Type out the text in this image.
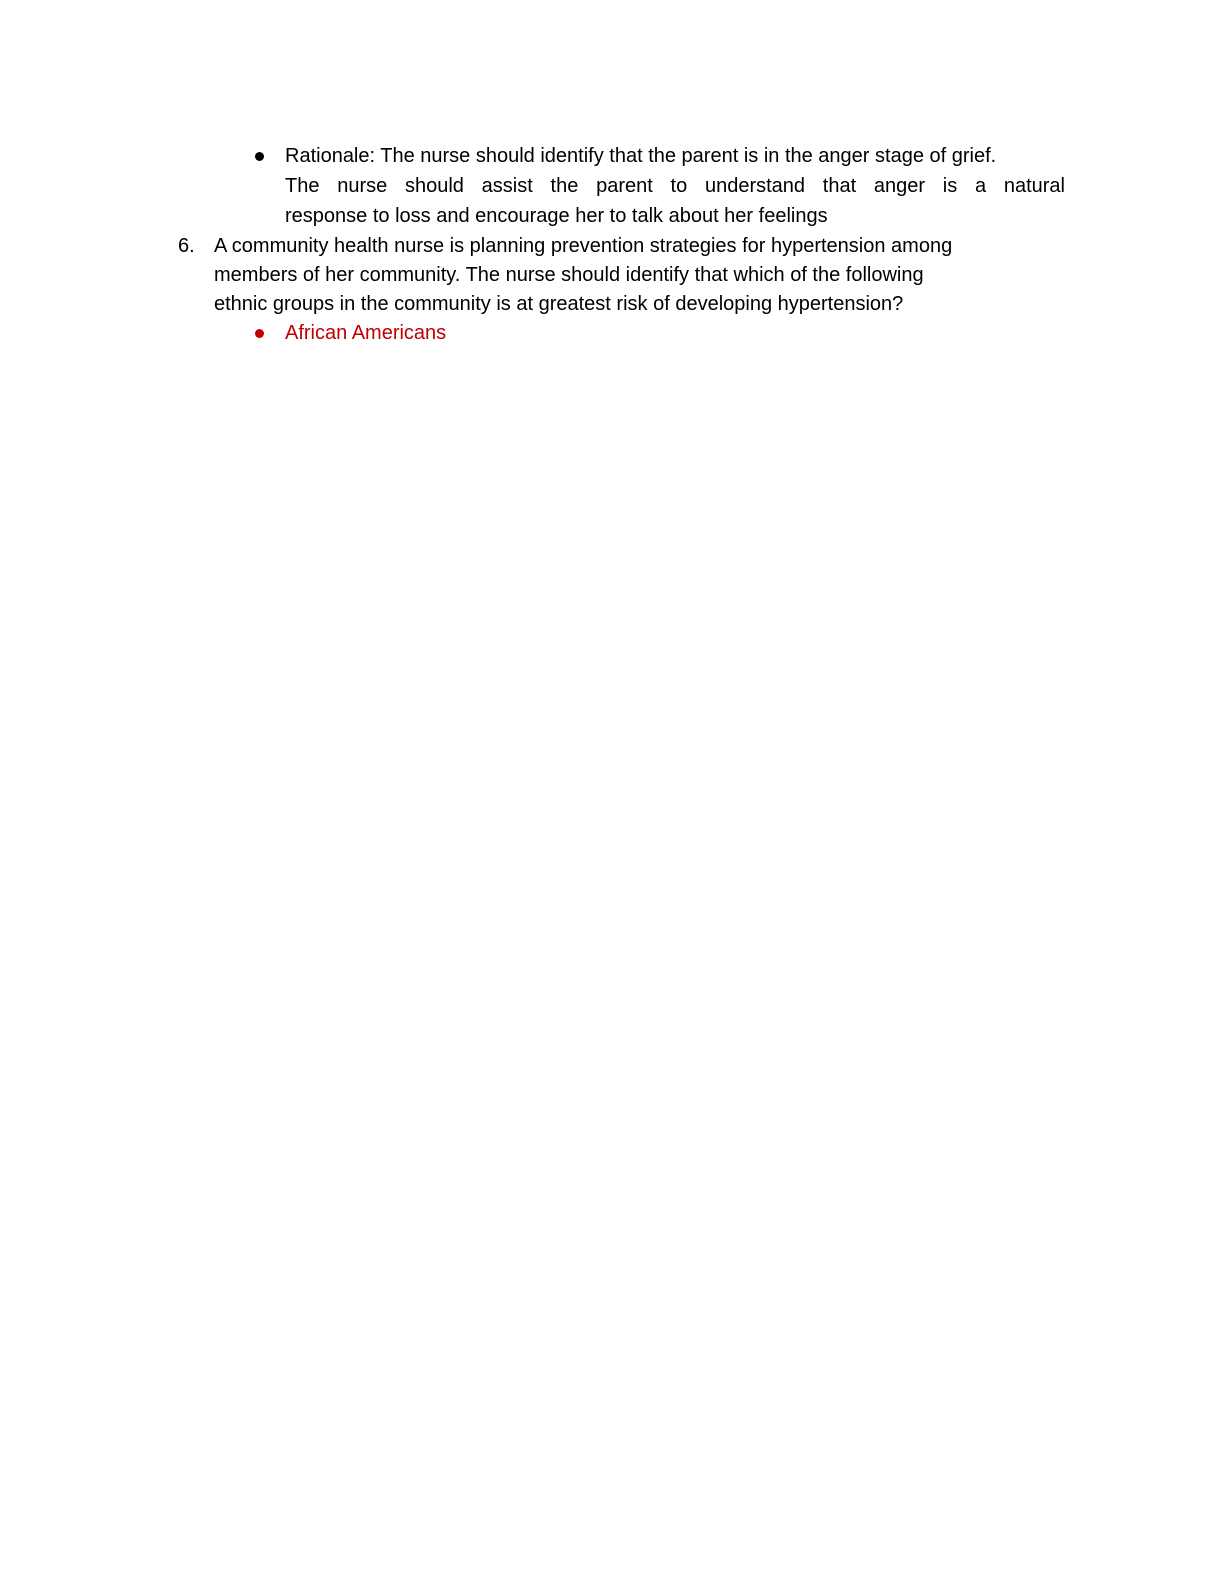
Rationale: The nurse should identify that the parent is in the anger stage of grief.
The nurse should assist the parent to understand that anger is a natural
response to loss and encourage her to talk about her feelings
6. A community health nurse is planning prevention strategies for hypertension among
members of her community. The nurse should identify that which of the following
ethnic groups in the community is at greatest risk of developing hypertension?
African Americans
